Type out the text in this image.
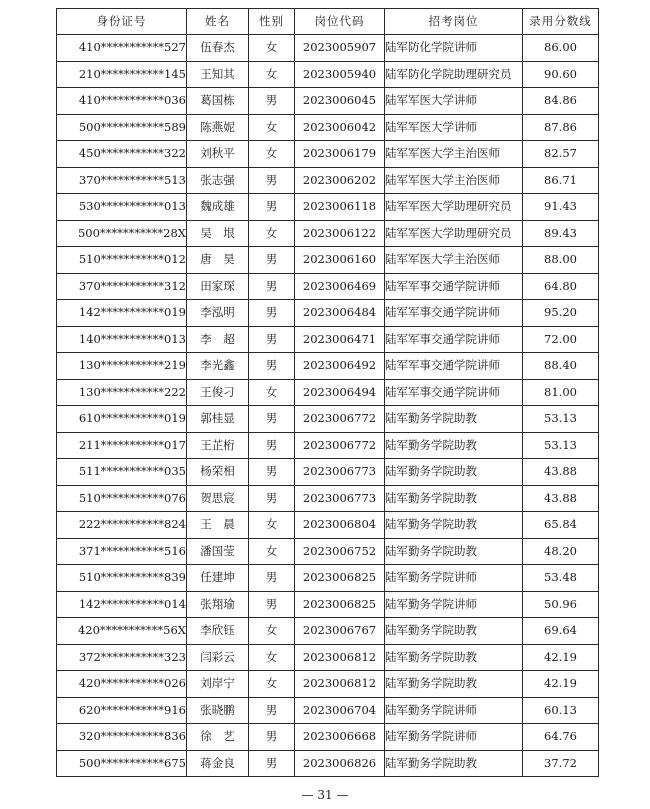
身份证号	姓名	性别	岗位代码	招考岗位	录用分数线
410***********527	伍春杰	女	2023005907	陆军防化学院讲师	86.00
210***********145	王知其	女	2023005940	陆军防化学院助理研究员	90.60
410***********036	葛国栋	男	2023006045	陆军军医大学讲师	84.86
500***********589	陈燕妮	女	2023006042	陆军军医大学讲师	87.86
450***********322	刘秋平	女	2023006179	陆军军医大学主治医师	82.57
370***********513	张志强	男	2023006202	陆军军医大学主治医师	86.71
530***********013	魏成雄	男	2023006118	陆军军医大学助理研究员	91.43
500***********28X	吴　垠	女	2023006122	陆军军医大学助理研究员	89.43
510***********012	唐　昊	男	2023006160	陆军军医大学主治医师	88.00
370***********312	田家琛	男	2023006469	陆军军事交通学院讲师	64.80
142***********019	李泓明	男	2023006484	陆军军事交通学院讲师	95.20
140***********013	李　超	男	2023006471	陆军军事交通学院讲师	72.00
130***********219	李光鑫	男	2023006492	陆军军事交通学院讲师	88.40
130***********222	王俊刁	女	2023006494	陆军军事交通学院讲师	81.00
610***********019	郭桂显	男	2023006772	陆军勤务学院助教	53.13
211***********017	王芷桁	男	2023006772	陆军勤务学院助教	53.13
511***********035	杨荣相	男	2023006773	陆军勤务学院助教	43.88
510***********076	贺思宸	男	2023006773	陆军勤务学院助教	43.88
222***********824	王　晨	女	2023006804	陆军勤务学院助教	65.84
371***********516	潘国莹	女	2023006752	陆军勤务学院助教	48.20
510***********839	任建坤	男	2023006825	陆军勤务学院讲师	53.48
142***********014	张翔瑜	男	2023006825	陆军勤务学院讲师	50.96
420***********56X	李欣钰	女	2023006767	陆军勤务学院助教	69.64
372***********323	闫彩云	女	2023006812	陆军勤务学院助教	42.19
420***********026	刘岸宁	女	2023006812	陆军勤务学院助教	42.19
620***********916	张晓鹏	男	2023006704	陆军勤务学院讲师	60.13
320***********836	徐　艺	男	2023006668	陆军勤务学院讲师	64.76
500***********675	蒋金良	男	2023006826	陆军勤务学院助教	37.72
— 31 —
